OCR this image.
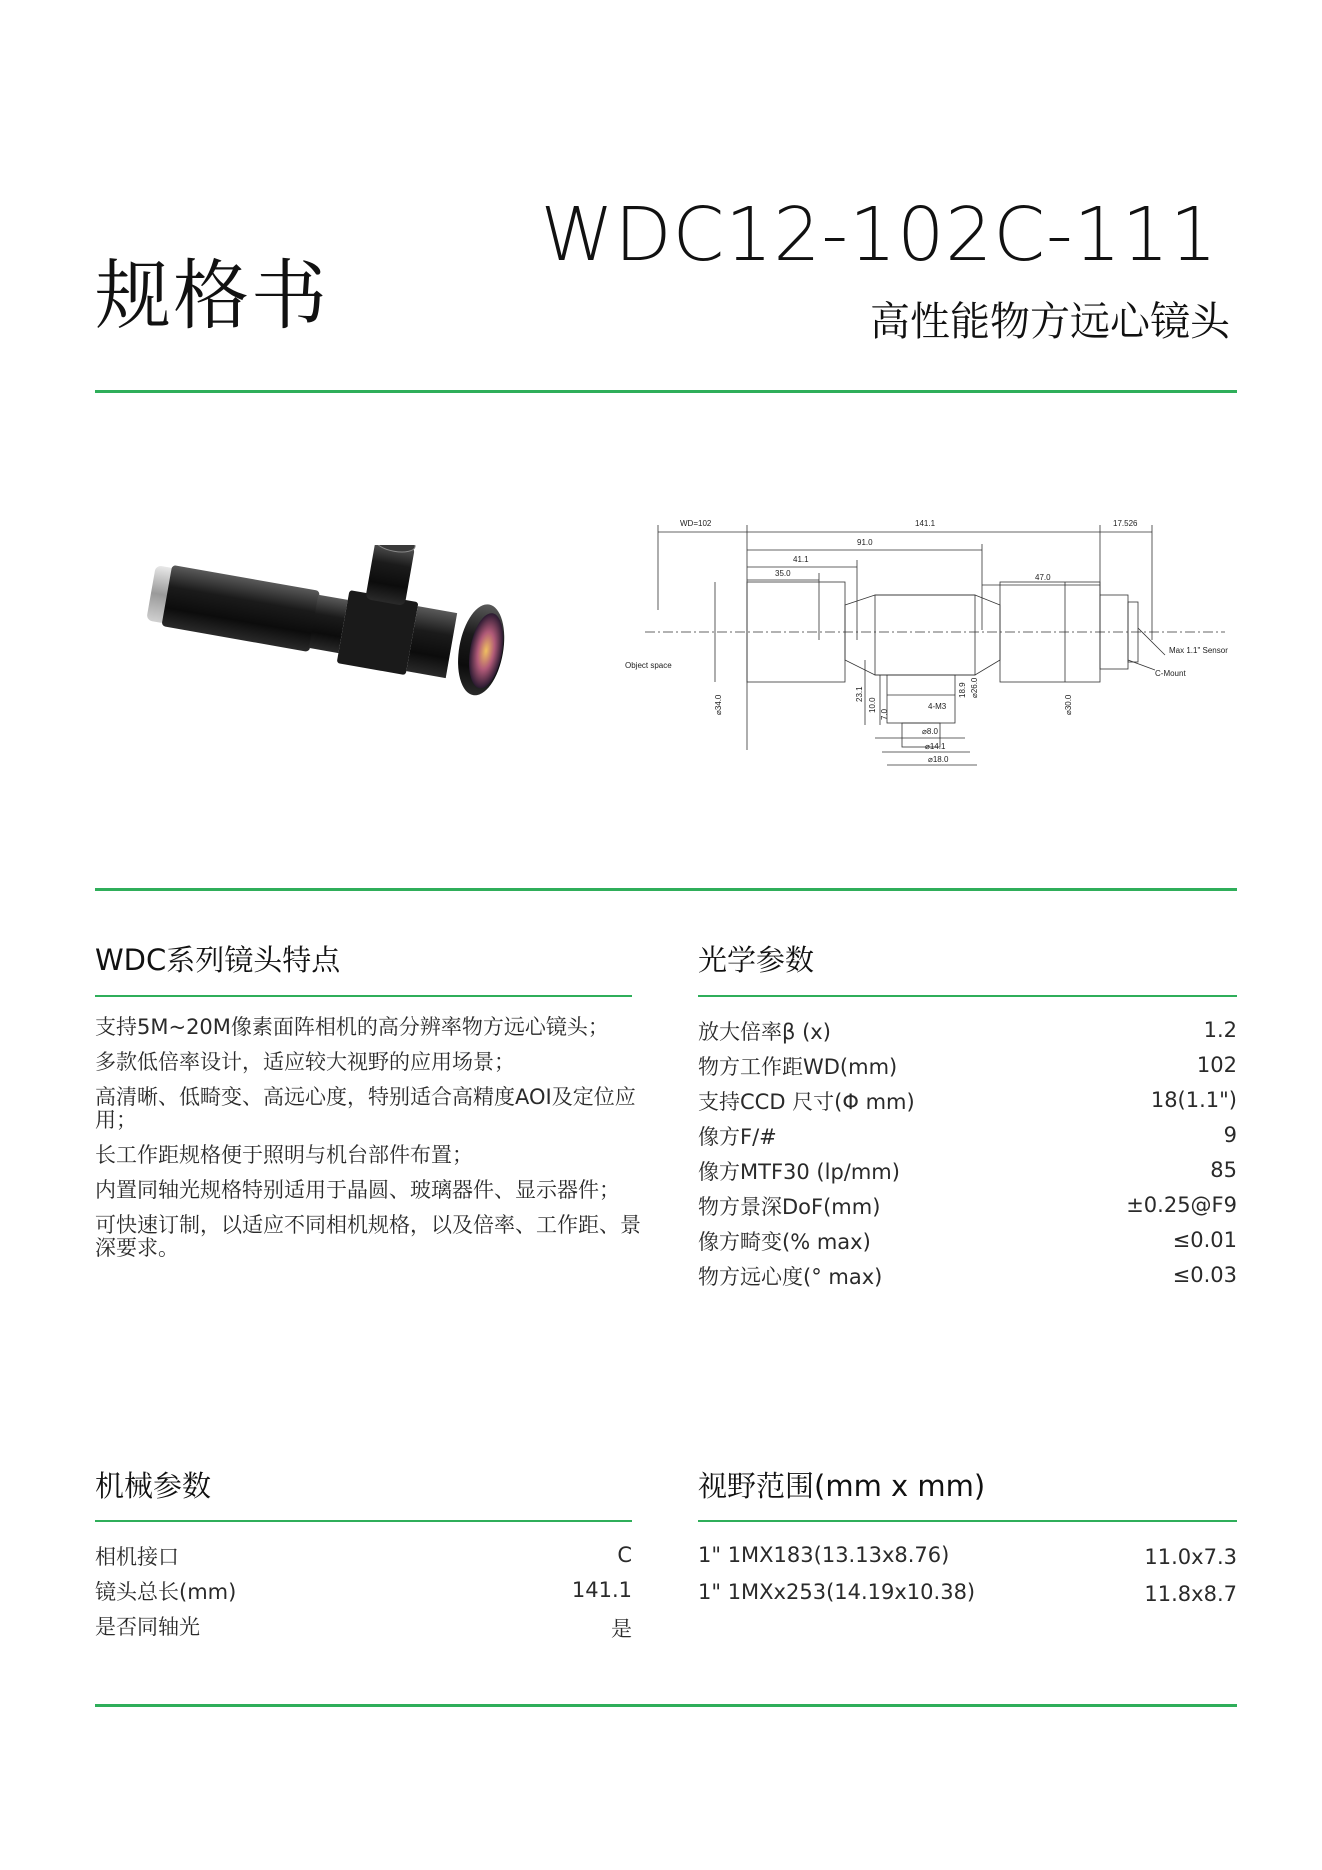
规格书
WDC12-102C-111
高性能物方远心镜头
WD=102	141.1	17.526
91.0
41.1
35.0	47.0
Object space
Max 1.1" Sensor
C-Mount
4-M3
⌀8.0
⌀14.1
⌀18.0
⌀34.0	⌀30.0
23.1
10.0
7.0
18.9 ⌀26.0
WDC系列镜头特点
支持5M~20M像素面阵相机的高分辨率物方远心镜头；
多款低倍率设计，适应较大视野的应用场景；
高清晰、低畸变、高远心度，特别适合高精度AOI及定位应用；
长工作距规格便于照明与机台部件布置；
内置同轴光规格特别适用于晶圆、玻璃器件、显示器件；
可快速订制，以适应不同相机规格，以及倍率、工作距、景深要求。
光学参数
放大倍率β (x)	1.2
物方工作距WD(mm)	102
支持CCD 尺寸(Φ mm)	18(1.1")
像方F/#	9
像方MTF30 (lp/mm)	85
物方景深DoF(mm)	±0.25@F9
像方畸变(% max)	≤0.01
物方远心度(° max)	≤0.03
机械参数
相机接口	C
镜头总长(mm)	141.1
是否同轴光	是
视野范围(mm x mm)
1" 1MX183(13.13x8.76)	11.0x7.3
1" 1MXx253(14.19x10.38)	11.8x8.7
